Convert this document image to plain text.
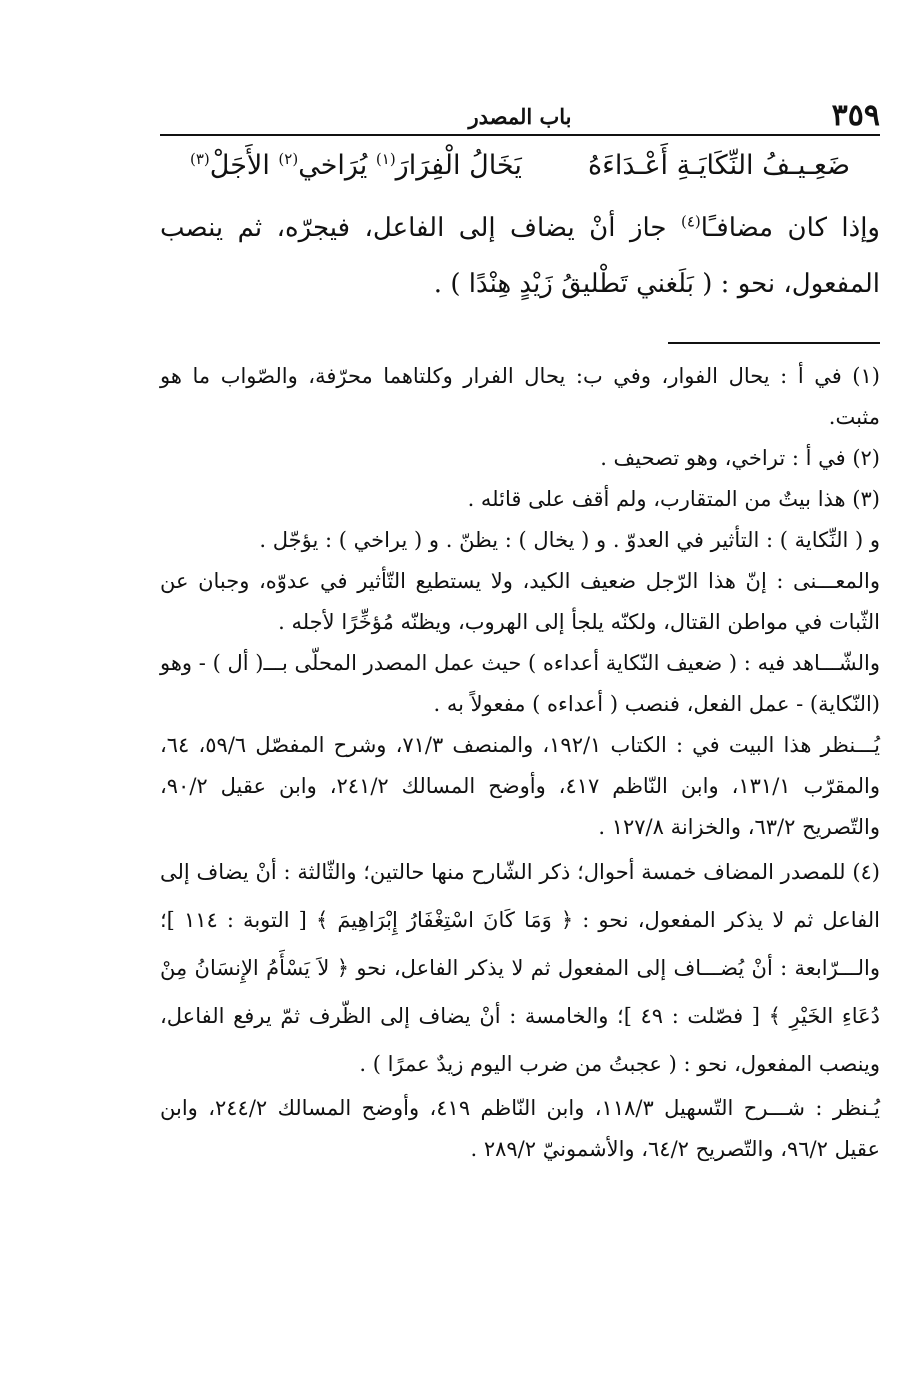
٣٥٩
باب المصدر
ضَعِـيـفُ النِّكَايَـةِ أَعْـدَاءَهُ
يَخَالُ الْفِرَارَ$^{(١)}$ يُرَاخي$^{(٢)}$ الأَجَلْ$^{(٣)}$

وإذا كان مضافـًا$^{(٤)}$ جاز أنْ يضاف إلى الفاعل، فيجرّه، ثم ينصب المفعول، نحو : ( بَلَغني تَطْليقُ زَيْدٍ هِنْدًا ) .

(١) في أ : يحال الفوار، وفي ب: يحال الفرار وكلتاهما محرّفة، والصّواب ما هو مثبت.

(٢) في أ : تراخي، وهو تصحيف .

(٣) هذا بيتٌ من المتقارب، ولم أقف على قائله .

و ( النِّكاية ) : التأثير في العدوّ . و ( يخال ) : يظنّ . و ( يراخي ) : يؤجّل .

والمعـــنى : إنّ هذا الرّجل ضعيف الكيد، ولا يستطيع التّأثير في عدوّه، وجبان عن الثّبات في مواطن القتال، ولكنّه يلجأ إلى الهروب، ويظنّه مُؤخِّرًا لأجله .

والشّـــاهد فيه : ( ضعيف النّكاية أعداءه ) حيث عمل المصدر المحلّى بـــ( أل ) - وهو (النّكاية) - عمل الفعل، فنصب ( أعداءه ) مفعولاً به .

يُـــنظر هذا البيت في : الكتاب ١٩٢/١، والمنصف ٧١/٣، وشرح المفصّل ٥٩/٦، ٦٤، والمقرّب ١٣١/١، وابن النّاظم ٤١٧، وأوضح المسالك ٢٤١/٢، وابن عقيل ٩٠/٢، والتّصريح ٦٣/٢، والخزانة ١٢٧/٨ .

(٤) للمصدر المضاف خمسة أحوال؛ ذكر الشّارح منها حالتين؛ والثّالثة : أنْ يضاف إلى الفاعل ثم لا يذكر المفعول، نحو : ﴿ وَمَا كَانَ اسْتِغْفَارُ إِبْرَاهِيمَ ﴾ [ التوبة : ١١٤ ]؛ والـــرّابعة : أنْ يُضـــاف إلى المفعول ثم لا يذكر الفاعل، نحو ﴿ لاَ يَسْأَمُ الإِنسَانُ مِنْ دُعَاءِ الخَيْرِ ﴾ [ فصّلت : ٤٩ ]؛ والخامسة : أنْ يضاف إلى الظّرف ثمّ يرفع الفاعل، وينصب المفعول، نحو : ( عجبتُ من ضرب اليوم زيدٌ عمرًا ) .

يُـنظر : شـــرح التّسهيل ١١٨/٣، وابن النّاظم ٤١٩، وأوضح المسالك ٢٤٤/٢، وابن عقيل ٩٦/٢، والتّصريح ٦٤/٢، والأشمونيّ ٢٨٩/٢ .
